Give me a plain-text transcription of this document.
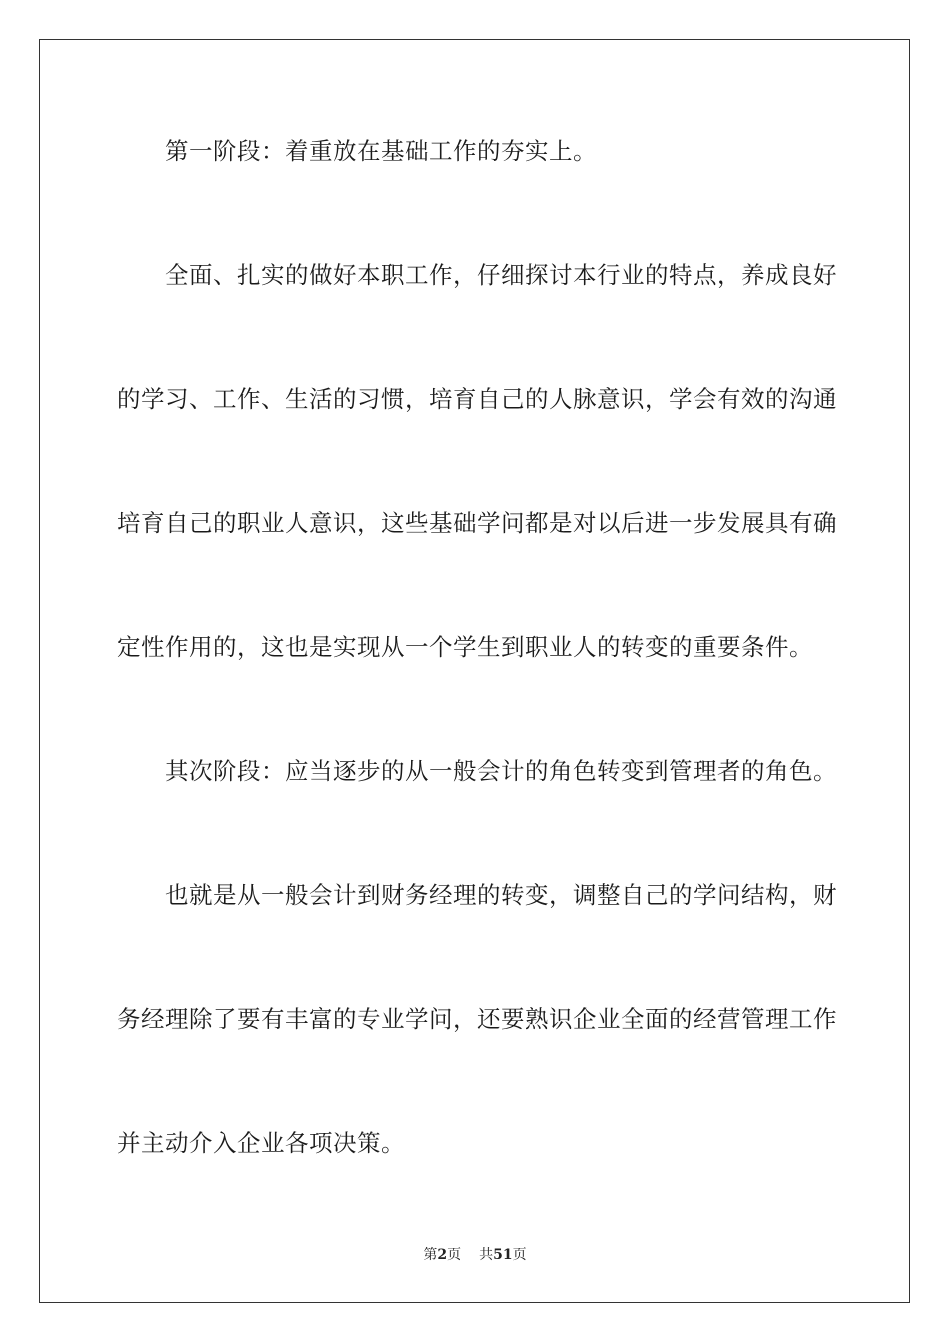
第一阶段：着重放在基础工作的夯实上。
全面、扎实的做好本职工作，仔细探讨本行业的特点，养成良好
的学习、工作、生活的习惯，培育自己的人脉意识，学会有效的沟通
培育自己的职业人意识，这些基础学问都是对以后进一步发展具有确
定性作用的，这也是实现从一个学生到职业人的转变的重要条件。
其次阶段：应当逐步的从一般会计的角色转变到管理者的角色。
也就是从一般会计到财务经理的转变，调整自己的学问结构，财
务经理除了要有丰富的专业学问，还要熟识企业全面的经营管理工作
并主动介入企业各项决策。
第2页 共51页
